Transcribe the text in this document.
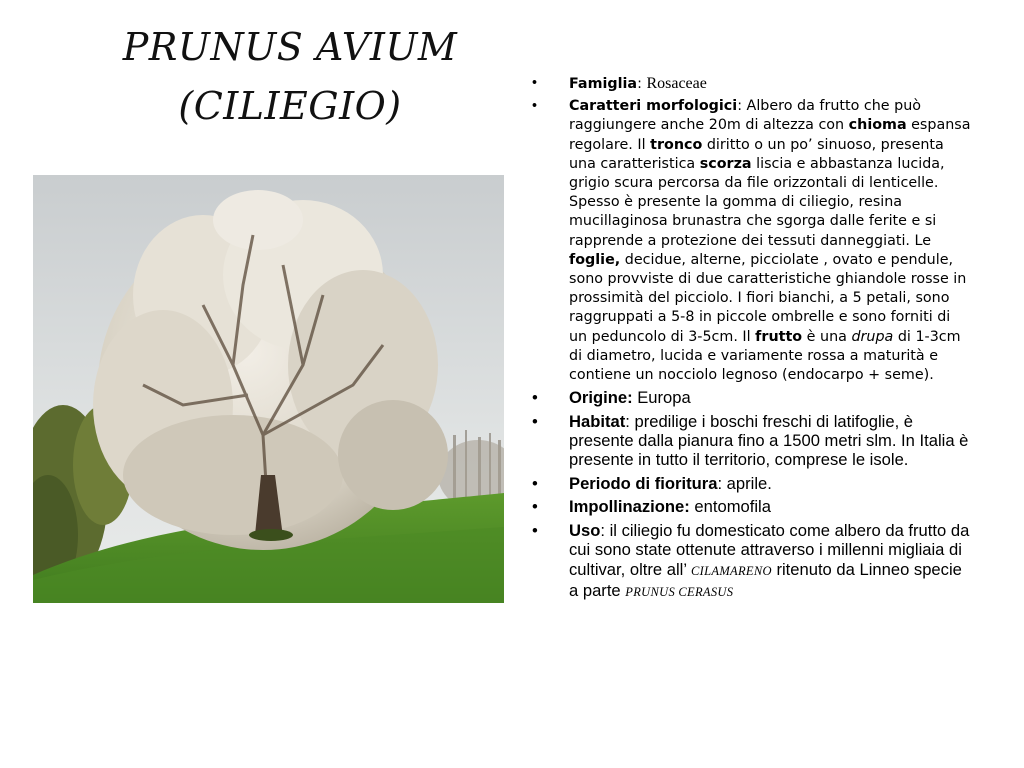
PRUNUS AVIUM
(CILIEGIO)
• Famiglia: Rosaceae
• Caratteri morfologici: Albero da frutto che può raggiungere anche 20m di altezza con chioma espansa regolare. Il tronco diritto o un po’ sinuoso, presenta una caratteristica scorza liscia e abbastanza lucida, grigio scura percorsa da file orizzontali di lenticelle. Spesso è presente la gomma di ciliegio, resina mucillaginosa brunastra che sgorga dalle ferite e si rapprende a protezione dei tessuti danneggiati. Le foglie, decidue, alterne, picciolate , ovato e pendule, sono provviste di due caratteristiche ghiandole rosse in prossimità del picciolo. I fiori bianchi, a 5 petali, sono raggruppati a 5-8 in piccole ombrelle e sono forniti di un peduncolo di 3-5cm. Il frutto è una drupa di 1-3cm di diametro, lucida e variamente rossa a maturità e contiene un nocciolo legnoso (endocarpo + seme).
• Origine: Europa
• Habitat: predilige i boschi freschi di latifoglie, è presente dalla pianura fino a 1500 metri slm. In Italia è presente in tutto il territorio, comprese le isole.
• Periodo di fioritura: aprile.
• Impollinazione: entomofila
• Uso: il ciliegio fu domesticato come albero da frutto da cui sono state ottenute attraverso i millenni migliaia di cultivar, oltre all’ CILAMARENO ritenuto da Linneo specie a parte PRUNUS CERASUS
